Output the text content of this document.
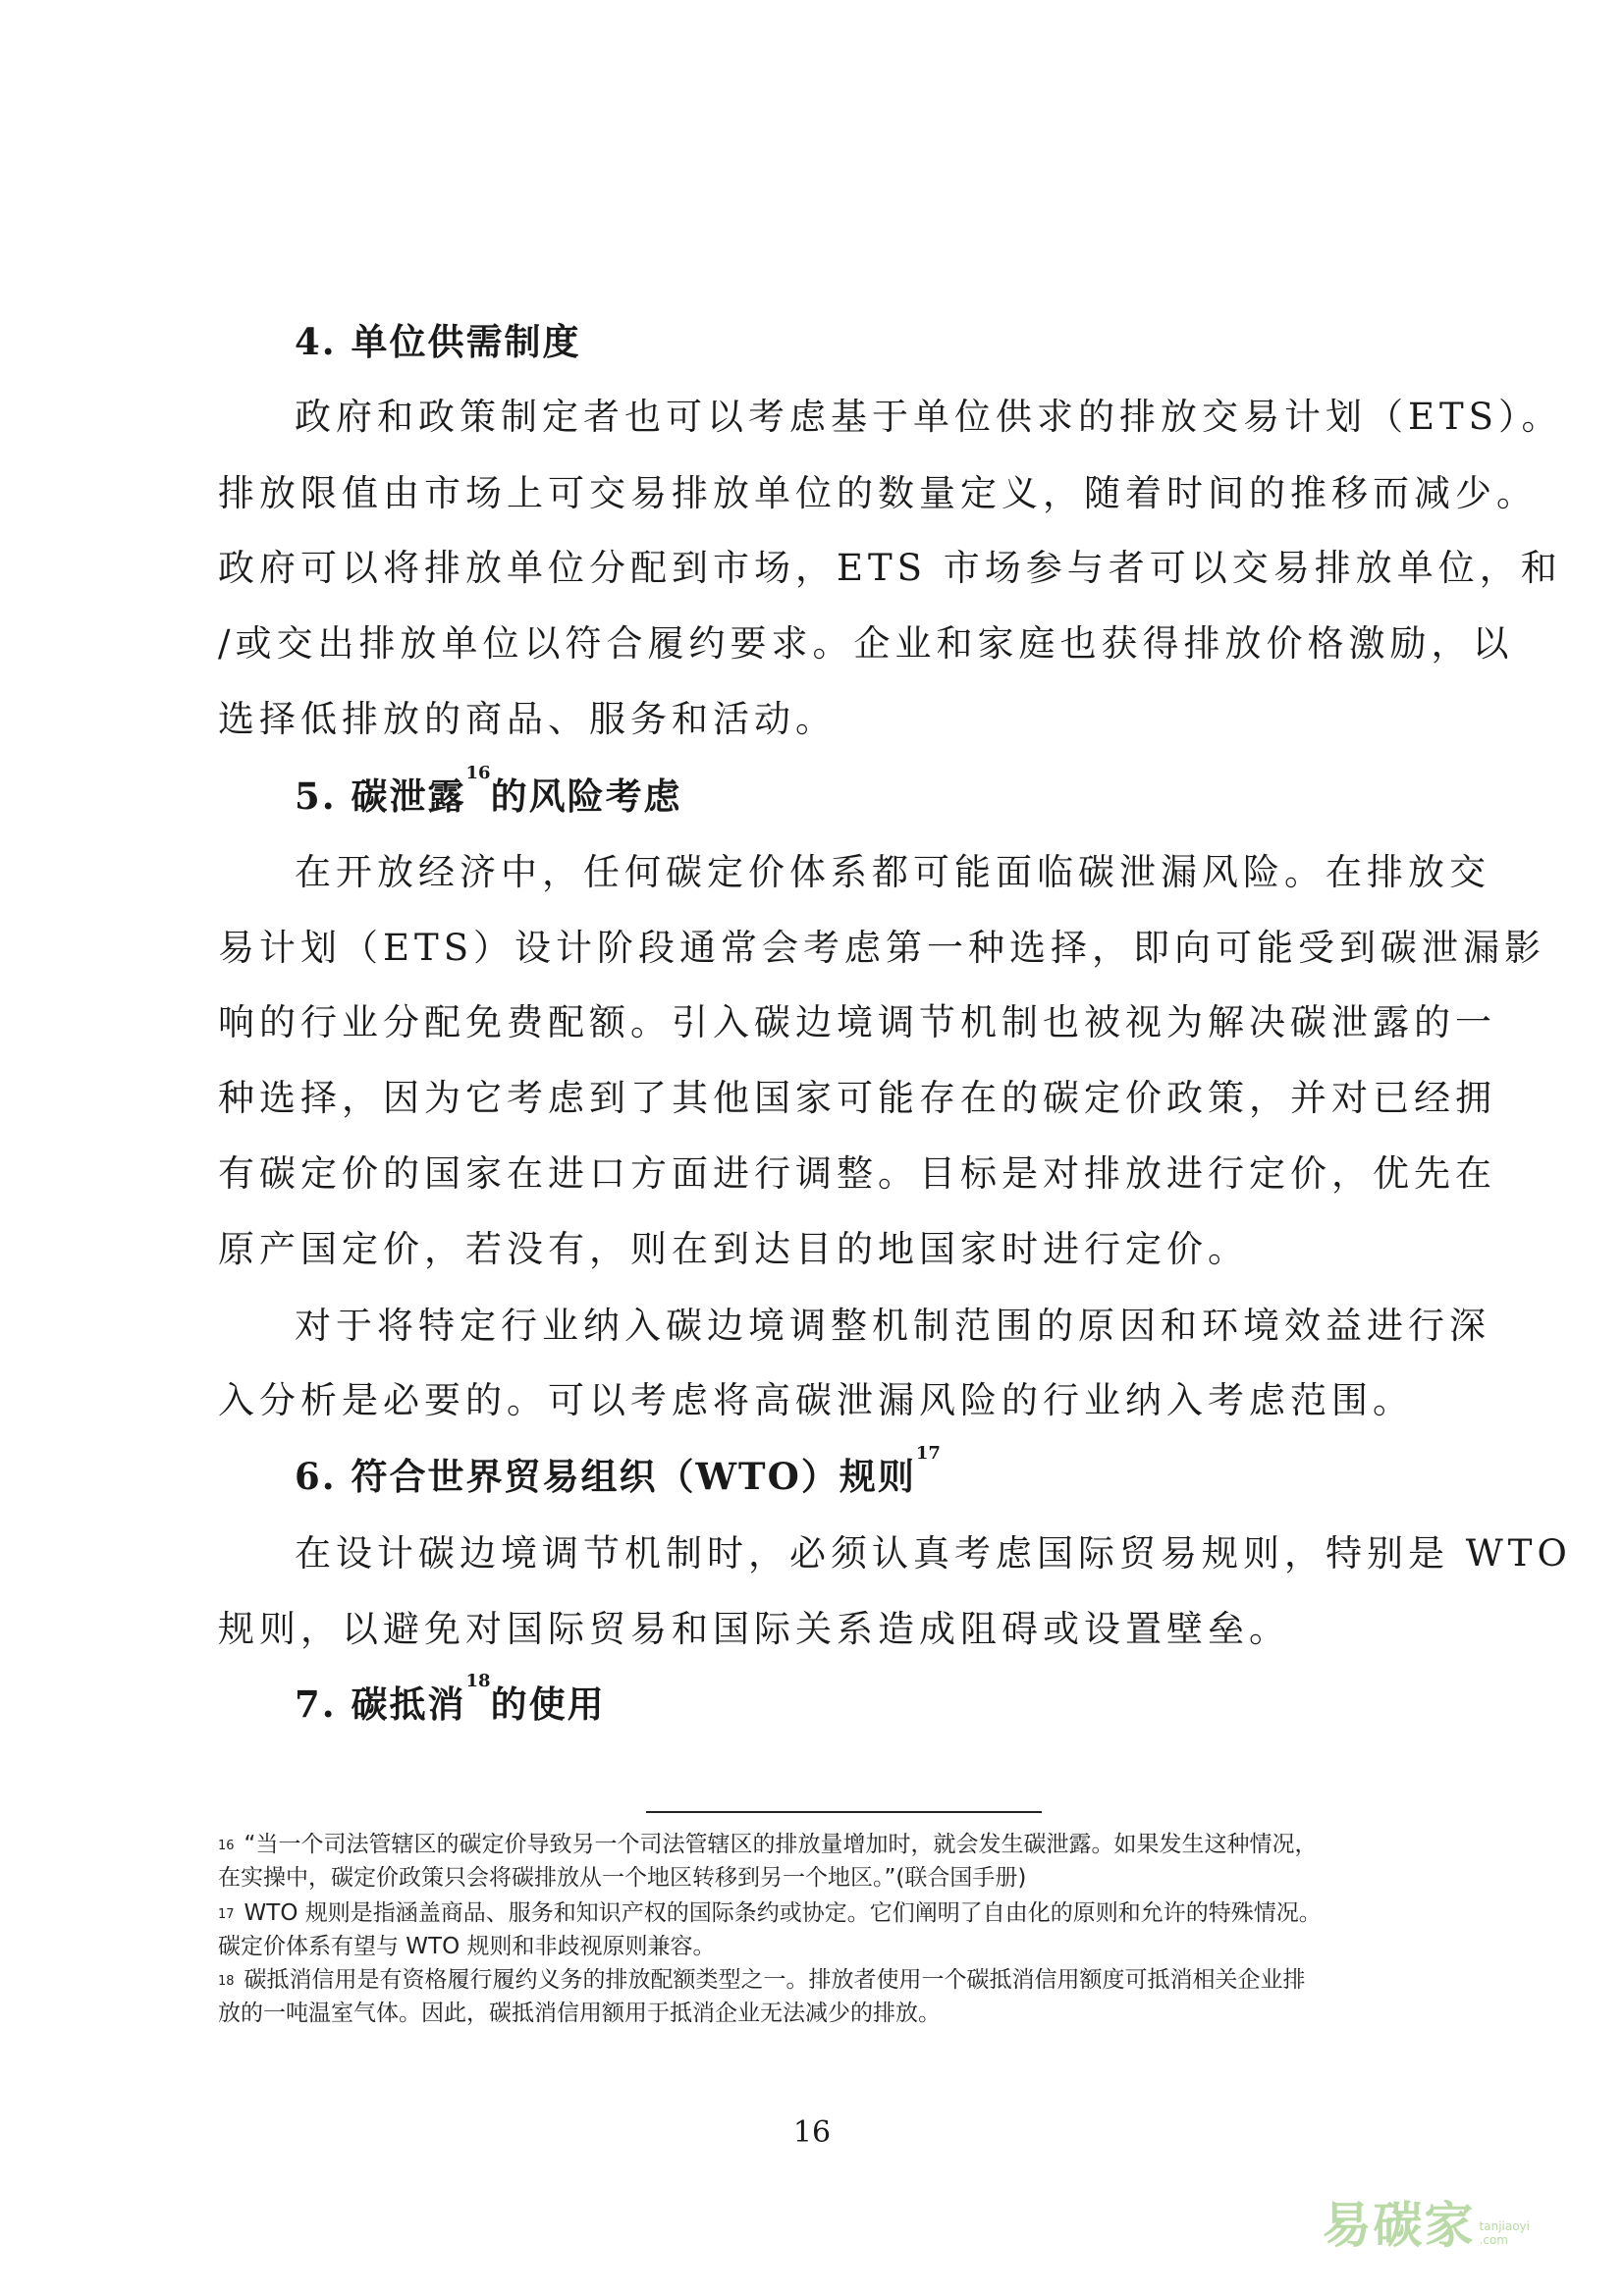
4. 单位供需制度
政府和政策制定者也可以考虑基于单位供求的排放交易计划（ETS）。
排放限值由市场上可交易排放单位的数量定义，随着时间的推移而减少。
政府可以将排放单位分配到市场，ETS 市场参与者可以交易排放单位，和
/或交出排放单位以符合履约要求。企业和家庭也获得排放价格激励，以
选择低排放的商品、服务和活动。
5. 碳泄露$^{16}$的风险考虑
在开放经济中，任何碳定价体系都可能面临碳泄漏风险。在排放交
易计划（ETS）设计阶段通常会考虑第一种选择，即向可能受到碳泄漏影
响的行业分配免费配额。引入碳边境调节机制也被视为解决碳泄露的一
种选择，因为它考虑到了其他国家可能存在的碳定价政策，并对已经拥
有碳定价的国家在进口方面进行调整。目标是对排放进行定价，优先在
原产国定价，若没有，则在到达目的地国家时进行定价。
对于将特定行业纳入碳边境调整机制范围的原因和环境效益进行深
入分析是必要的。可以考虑将高碳泄漏风险的行业纳入考虑范围。
6. 符合世界贸易组织（WTO）规则$^{17}$
在设计碳边境调节机制时，必须认真考虑国际贸易规则，特别是 WTO
规则，以避免对国际贸易和国际关系造成阻碍或设置壁垒。
7. 碳抵消$^{18}$的使用
$^{16}$ “当一个司法管辖区的碳定价导致另一个司法管辖区的排放量增加时，就会发生碳泄露。如果发生这种情况，
在实操中，碳定价政策只会将碳排放从一个地区转移到另一个地区。”(联合国手册)
$^{17}$ WTO 规则是指涵盖商品、服务和知识产权的国际条约或协定。它们阐明了自由化的原则和允许的特殊情况。
碳定价体系有望与 WTO 规则和非歧视原则兼容。
$^{18}$ 碳抵消信用是有资格履行履约义务的排放配额类型之一。排放者使用一个碳抵消信用额度可抵消相关企业排
放的一吨温室气体。因此，碳抵消信用额用于抵消企业无法减少的排放。
16
易碳家 tanjiaoyi
.com
